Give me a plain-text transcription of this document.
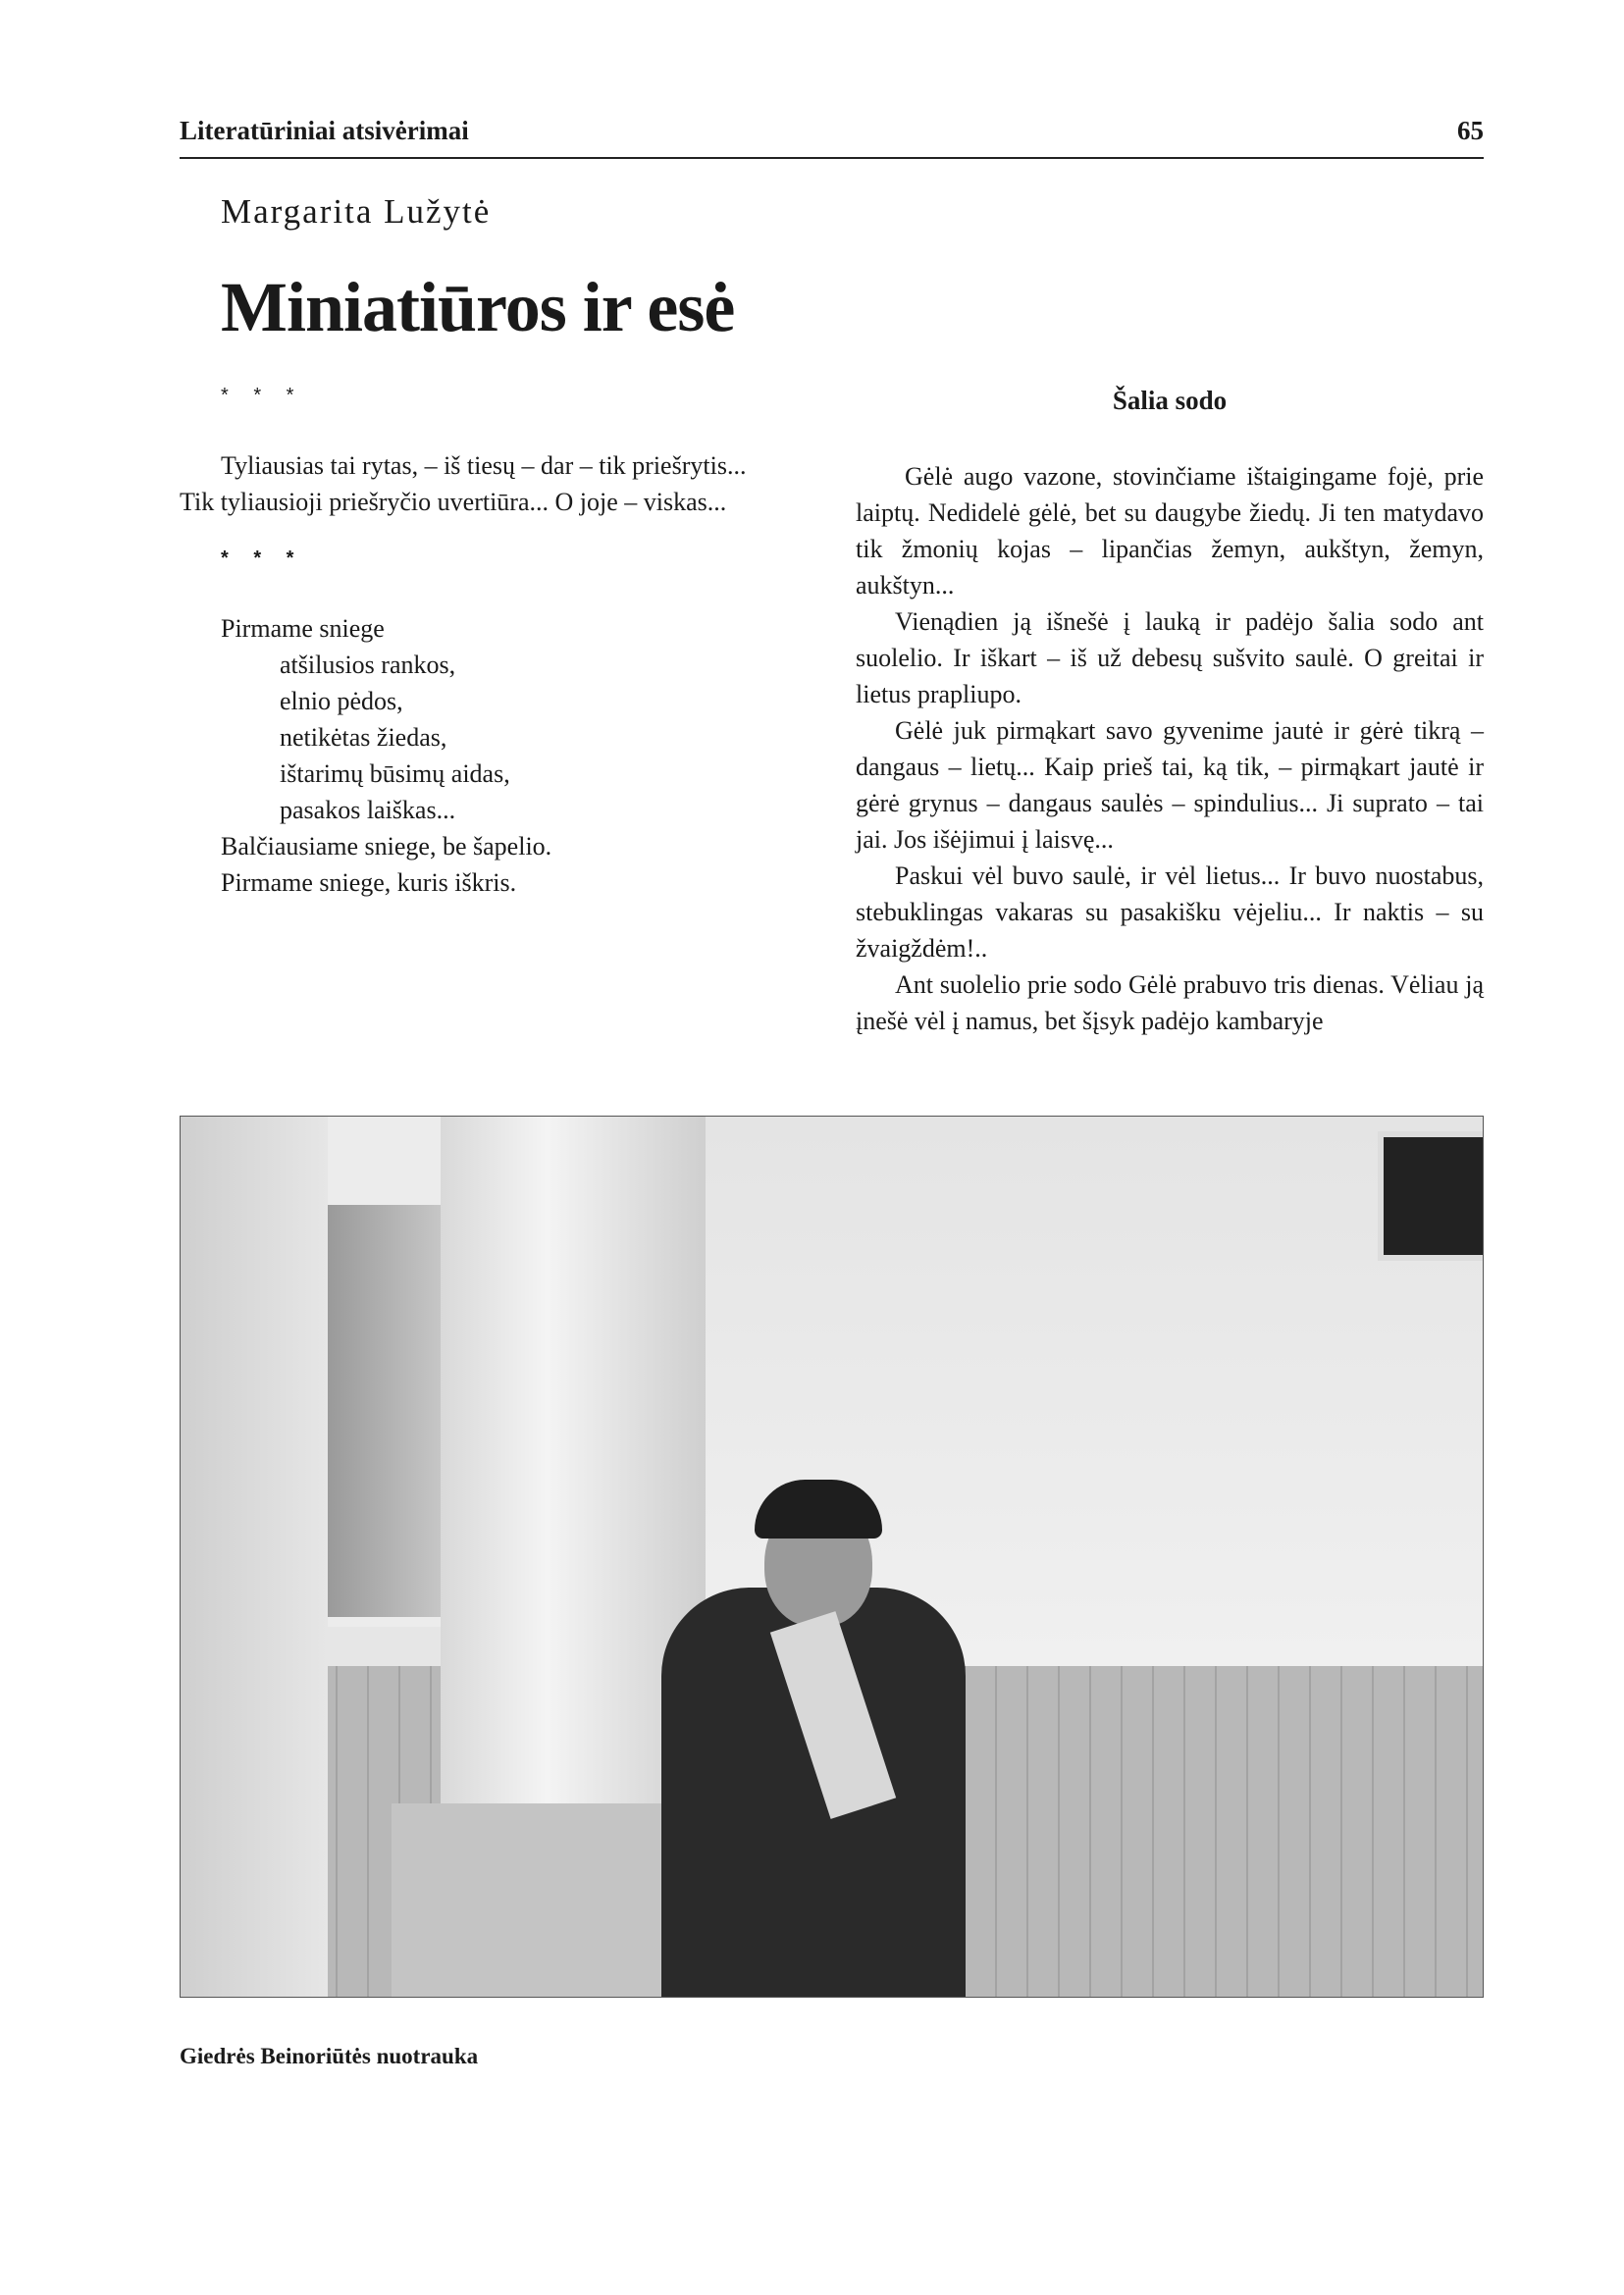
Literatūriniai atsivėrimai	65
Margarita Lužytė
Miniatiūros ir esė
* * *
Tyliausias tai rytas, – iš tiesų – dar – tik priešrytis...
Tik tyliausioji priešryčio uvertiūra... O joje – viskas...
* * *
Pirmame sniege
atšilusios rankos,
elnio pėdos,
netikėtas žiedas,
ištarimų būsimų aidas,
pasakos laiškas...
Balčiausiame sniege, be šapelio.
Pirmame sniege, kuris iškris.
Šalia sodo

Gėlė augo vazone, stovinčiame ištaigingame fojė, prie laiptų. Nedidelė gėlė, bet su daugybe žiedų. Ji ten matydavo tik žmonių kojas – lipančias žemyn, aukštyn, žemyn, aukštyn...

Vienądien ją išnešė į lauką ir padėjo šalia sodo ant suolelio. Ir iškart – iš už debesų sušvito saulė. O greitai ir lietus prapliupo.

Gėlė juk pirmąkart savo gyvenime jautė ir gėrė tikrą – dangaus – lietų... Kaip prieš tai, ką tik, – pirmąkart jautė ir gėrė grynus – dangaus saulės – spindulius... Ji suprato – tai jai. Jos išėjimui į laisvę...

Paskui vėl buvo saulė, ir vėl lietus... Ir buvo nuostabus, stebuklingas vakaras su pasakišku vėjeliu... Ir naktis – su žvaigždėm!..

Ant suolelio prie sodo Gėlė prabuvo tris dienas. Vėliau ją įnešė vėl į namus, bet šįsyk padėjo kambaryje

Giedrės Beinoriūtės nuotrauka
